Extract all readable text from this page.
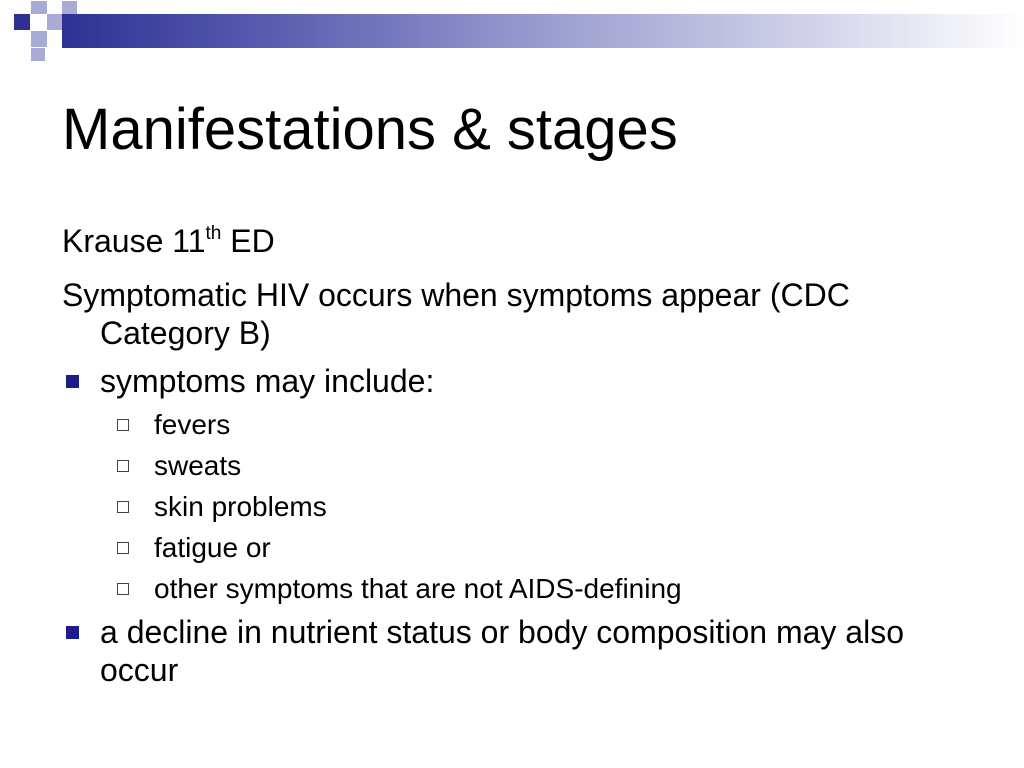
Manifestations & stages

Krause 11th ED

Symptomatic HIV occurs when symptoms appear (CDC Category B)

symptoms may include:
fevers
sweats
skin problems
fatigue or
other symptoms that are not AIDS-defining
a decline in nutrient status or body composition may also occur
